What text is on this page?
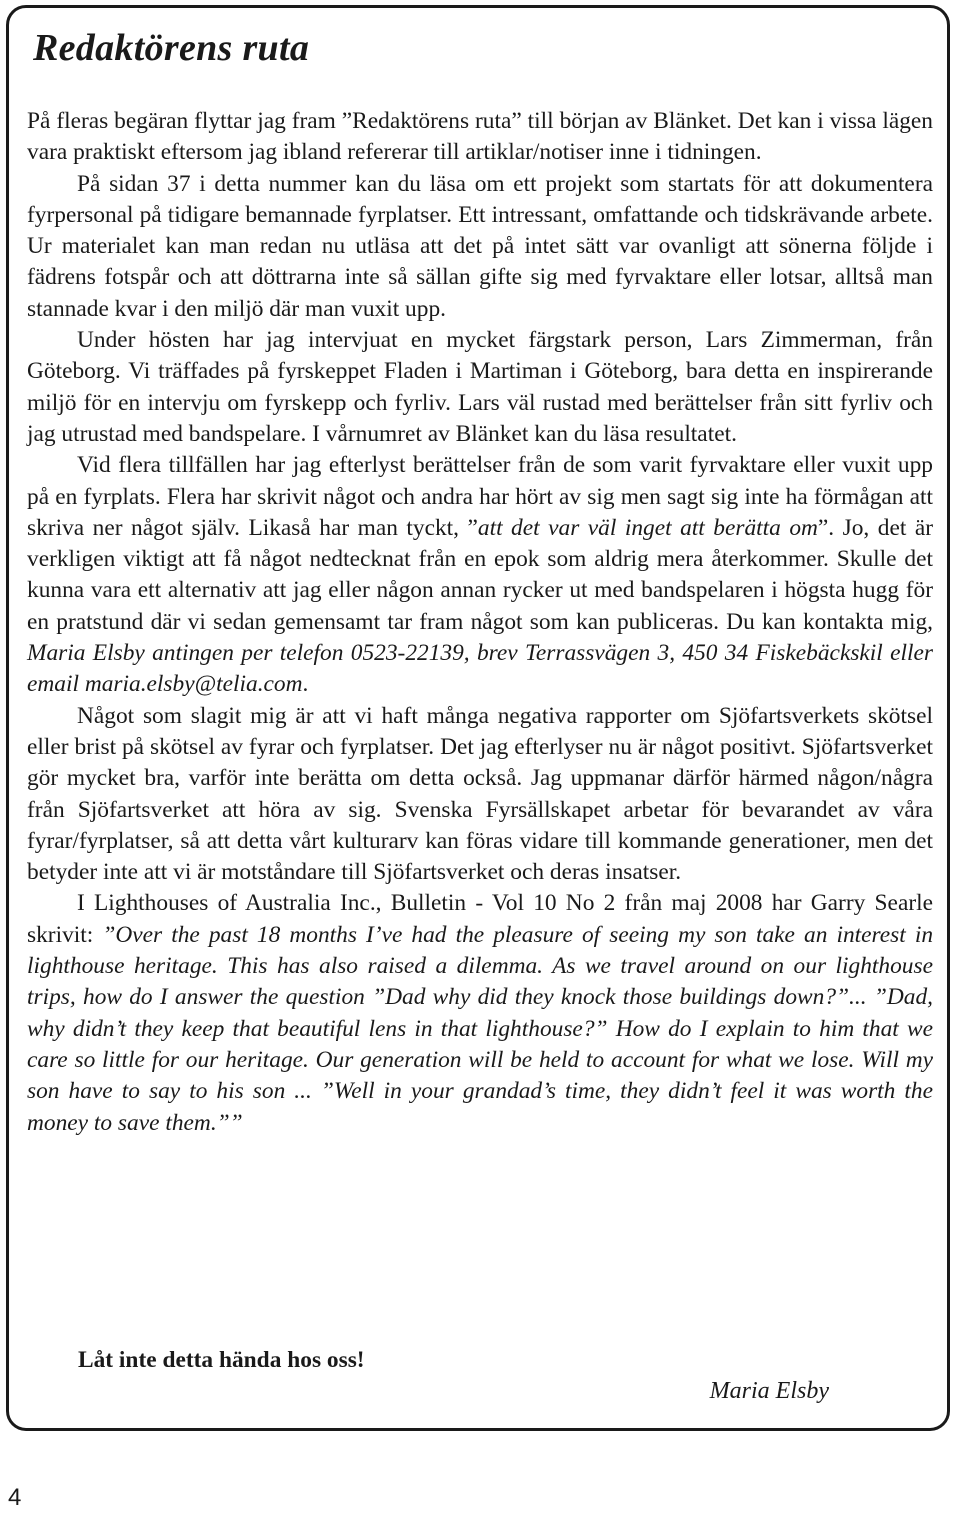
Redaktörens ruta

På fleras begäran flyttar jag fram ”Redaktörens ruta” till början av Blänket. Det kan i vissa lägen vara praktiskt eftersom jag ibland refererar till artiklar/notiser inne i tidningen.

På sidan 37 i detta nummer kan du läsa om ett projekt som startats för att dokumentera fyrpersonal på tidigare bemannade fyrplatser. Ett intressant, omfattande och tidskrävande arbete. Ur materialet kan man redan nu utläsa att det på intet sätt var ovanligt att sönerna följde i fädrens fotspår och att döttrarna inte så sällan gifte sig med fyrvaktare eller lotsar, alltså man stannade kvar i den miljö där man vuxit upp.

Under hösten har jag intervjuat en mycket färgstark person, Lars Zimmerman, från Göteborg. Vi träffades på fyrskeppet Fladen i Martiman i Göteborg, bara detta en inspirerande miljö för en intervju om fyrskepp och fyrliv. Lars väl rustad med berättelser från sitt fyrliv och jag utrustad med bandspelare. I vårnumret av Blänket kan du läsa resultatet.

Vid flera tillfällen har jag efterlyst berättelser från de som varit fyrvaktare eller vuxit upp på en fyrplats. Flera har skrivit något och andra har hört av sig men sagt sig inte ha förmågan att skriva ner något själv. Likaså har man tyckt, ”att det var väl inget att berätta om”. Jo, det är verkligen viktigt att få något nedtecknat från en epok som aldrig mera återkommer. Skulle det kunna vara ett alternativ att jag eller någon annan rycker ut med bandspelaren i högsta hugg för en pratstund där vi sedan gemensamt tar fram något som kan publiceras. Du kan kontakta mig, Maria Elsby antingen per telefon 0523-22139, brev Terrassvägen 3, 450 34 Fiskebäckskil eller email maria.elsby@telia.com.

Något som slagit mig är att vi haft många negativa rapporter om Sjöfartsverkets skötsel eller brist på skötsel av fyrar och fyrplatser. Det jag efterlyser nu är något positivt. Sjöfartsverket gör mycket bra, varför inte berätta om detta också. Jag uppmanar därför härmed någon/några från Sjöfartsverket att höra av sig. Svenska Fyrsällskapet arbetar för bevarandet av våra fyrar/fyrplatser, så att detta vårt kulturarv kan föras vidare till kommande generationer, men det betyder inte att vi är motståndare till Sjöfartsverket och deras insatser.

I Lighthouses of Australia Inc., Bulletin - Vol 10 No 2 från maj 2008 har Garry Searle skrivit: ”Over the past 18 months I’ve had the pleasure of seeing my son take an interest in lighthouse heritage. This has also raised a dilemma. As we travel around on our lighthouse trips, how do I answer the question ”Dad why did they knock those buildings down?”... ”Dad, why didn’t they keep that beautiful lens in that lighthouse?” How do I explain to him that we care so little for our heritage. Our generation will be held to account for what we lose. Will my son have to say to his son ... ”Well in your grandad’s time, they didn’t feel it was worth the money to save them.””

Låt inte detta hända hos oss!

Maria Elsby

4
